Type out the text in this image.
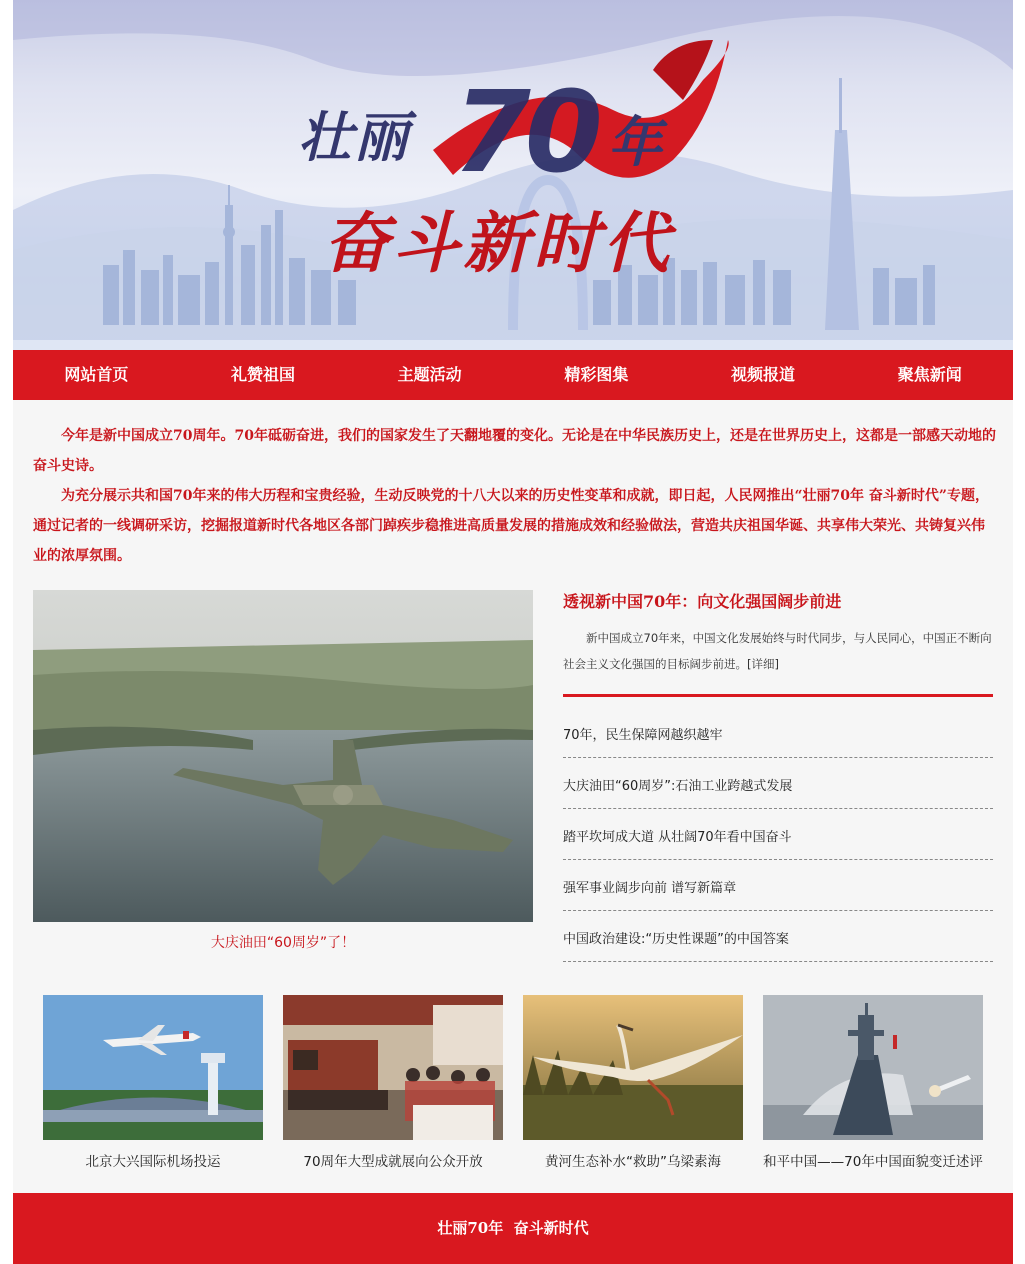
壮丽 70 年
奋斗新时代
网站首页	礼赞祖国	主题活动	精彩图集	视频报道	聚焦新闻

今年是新中国成立70周年。70年砥砺奋进，我们的国家发生了天翻地覆的变化。无论是在中华民族历史上，还是在世界历史上，这都是一部感天动地的奋斗史诗。

为充分展示共和国70年来的伟大历程和宝贵经验，生动反映党的十八大以来的历史性变革和成就，即日起，人民网推出“壮丽70年 奋斗新时代”专题，通过记者的一线调研采访，挖掘报道新时代各地区各部门踔疾步稳推进高质量发展的措施成效和经验做法，营造共庆祖国华诞、共享伟大荣光、共铸复兴伟业的浓厚氛围。

大庆油田“60周岁”了！
透视新中国70年：向文化强国阔步前进
新中国成立70年来，中国文化发展始终与时代同步，与人民同心，中国正不断向社会主义文化强国的目标阔步前进。[详细]
70年，民生保障网越织越牢
大庆油田“60周岁”:石油工业跨越式发展
踏平坎坷成大道 从壮阔70年看中国奋斗
强军事业阔步向前 谱写新篇章
中国政治建设:“历史性课题”的中国答案
北京大兴国际机场投运	70周年大型成就展向公众开放	黄河生态补水“救助”乌梁素海	和平中国——70年中国面貌变迁述评
壮丽70年  奋斗新时代
